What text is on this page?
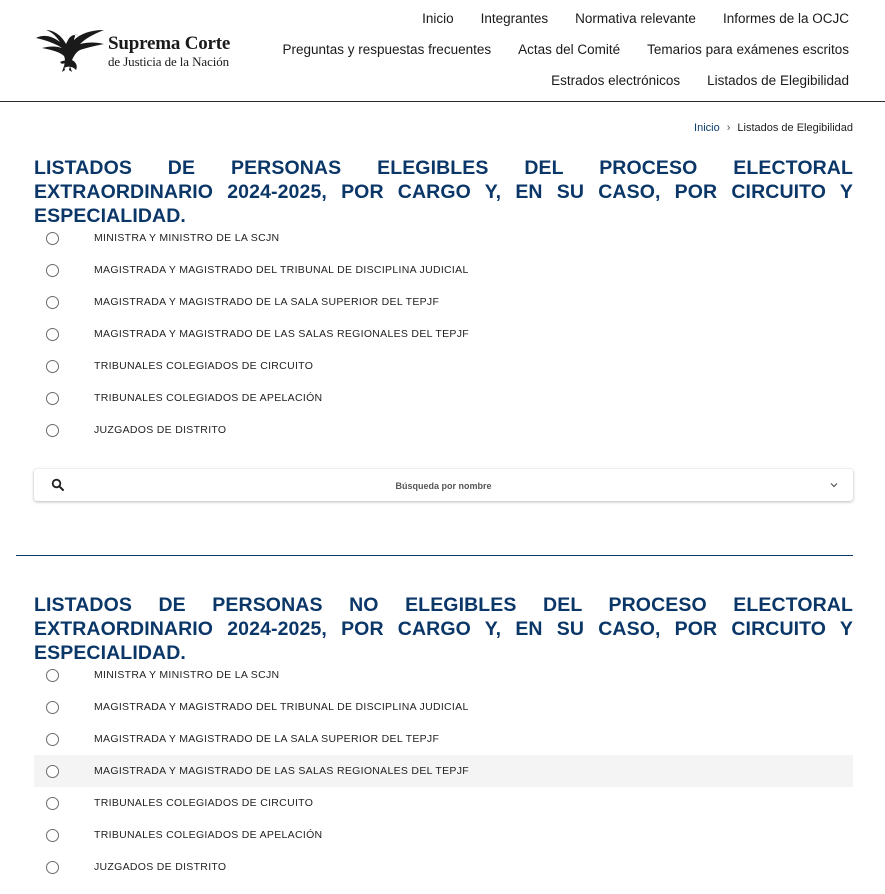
Suprema Corte
de Justicia de la Nación
Inicio Integrantes Normativa relevante Informes de la OCJC
Preguntas y respuestas frecuentes Actas del Comité Temarios para exámenes escritos
Estrados electrónicos Listados de Elegibilidad
Inicio › Listados de Elegibilidad
LISTADOS DE PERSONAS ELEGIBLES DEL PROCESO ELECTORAL EXTRAORDINARIO 2024-2025, POR CARGO Y, EN SU CASO, POR CIRCUITO Y ESPECIALIDAD.
MINISTRA Y MINISTRO DE LA SCJN
MAGISTRADA Y MAGISTRADO DEL TRIBUNAL DE DISCIPLINA JUDICIAL
MAGISTRADA Y MAGISTRADO DE LA SALA SUPERIOR DEL TEPJF
MAGISTRADA Y MAGISTRADO DE LAS SALAS REGIONALES DEL TEPJF
TRIBUNALES COLEGIADOS DE CIRCUITO
TRIBUNALES COLEGIADOS DE APELACIÓN
JUZGADOS DE DISTRITO
Búsqueda por nombre
LISTADOS DE PERSONAS NO ELEGIBLES DEL PROCESO ELECTORAL EXTRAORDINARIO 2024-2025, POR CARGO Y, EN SU CASO, POR CIRCUITO Y ESPECIALIDAD.
MINISTRA Y MINISTRO DE LA SCJN
MAGISTRADA Y MAGISTRADO DEL TRIBUNAL DE DISCIPLINA JUDICIAL
MAGISTRADA Y MAGISTRADO DE LA SALA SUPERIOR DEL TEPJF
MAGISTRADA Y MAGISTRADO DE LAS SALAS REGIONALES DEL TEPJF
TRIBUNALES COLEGIADOS DE CIRCUITO
TRIBUNALES COLEGIADOS DE APELACIÓN
JUZGADOS DE DISTRITO
